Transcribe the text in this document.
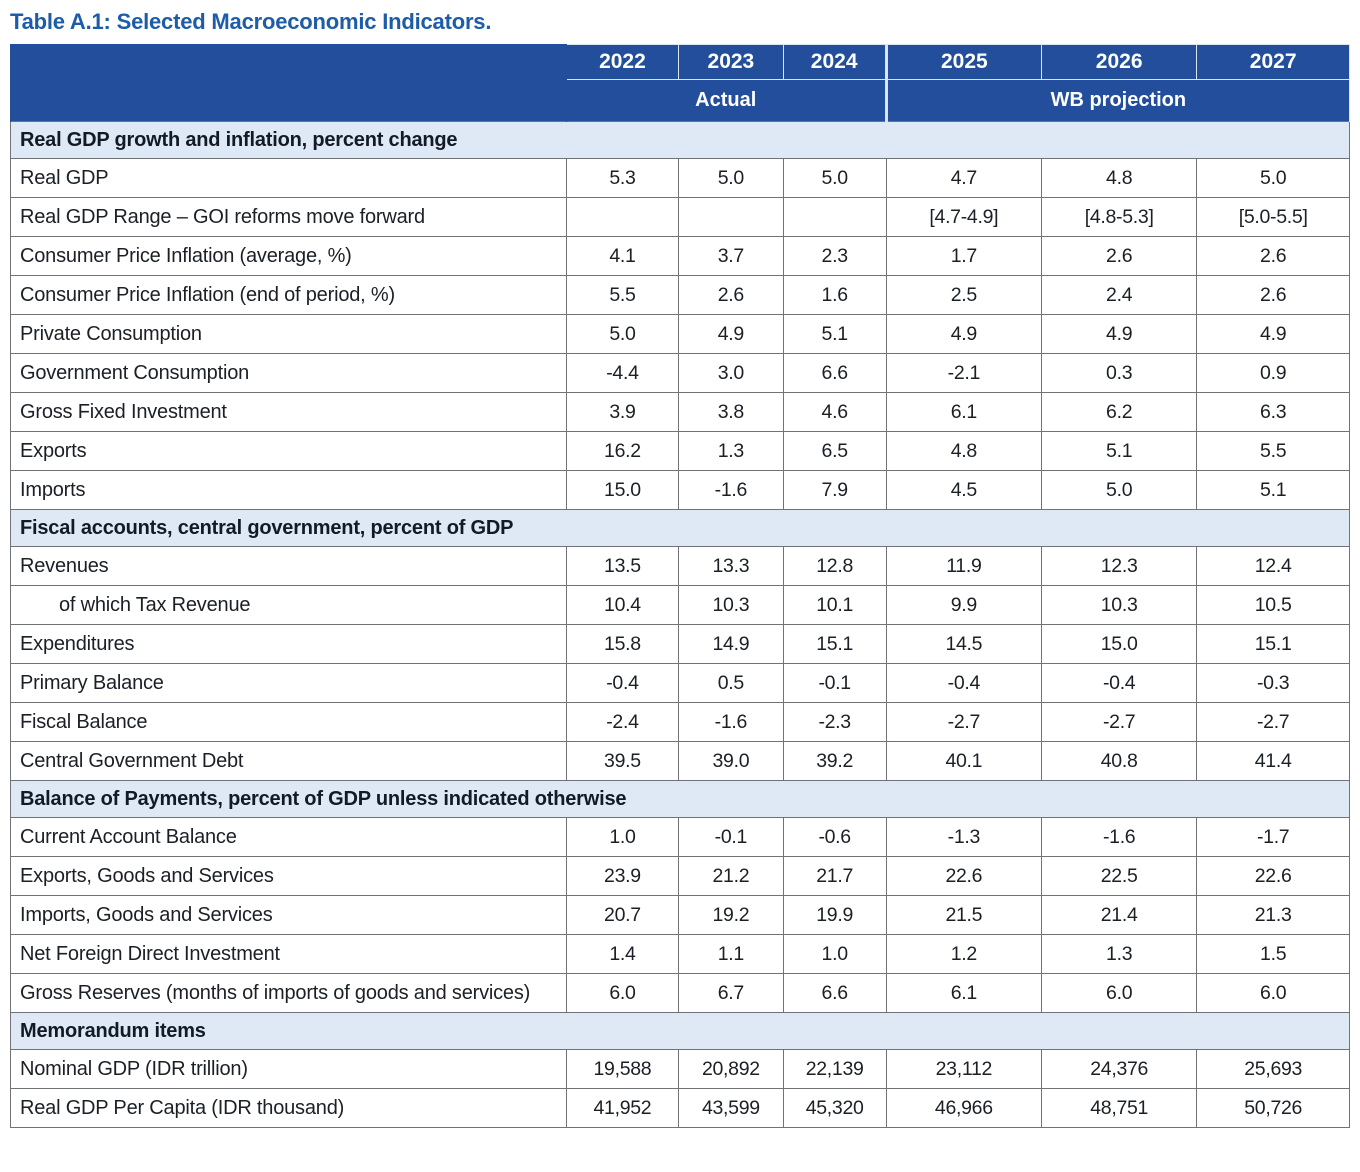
Table A.1: Selected Macroeconomic Indicators.
	2022	2023	2024	2025	2026	2027
	Actual			WB projection		
Real GDP growth and inflation, percent change						
Real GDP	5.3	5.0	5.0	4.7	4.8	5.0
Real GDP Range – GOI reforms move forward				[4.7-4.9]	[4.8-5.3]	[5.0-5.5]
Consumer Price Inflation (average, %)	4.1	3.7	2.3	1.7	2.6	2.6
Consumer Price Inflation (end of period, %)	5.5	2.6	1.6	2.5	2.4	2.6
Private Consumption	5.0	4.9	5.1	4.9	4.9	4.9
Government Consumption	-4.4	3.0	6.6	-2.1	0.3	0.9
Gross Fixed Investment	3.9	3.8	4.6	6.1	6.2	6.3
Exports	16.2	1.3	6.5	4.8	5.1	5.5
Imports	15.0	-1.6	7.9	4.5	5.0	5.1
Fiscal accounts, central government, percent of GDP						
Revenues	13.5	13.3	12.8	11.9	12.3	12.4
of which Tax Revenue	10.4	10.3	10.1	9.9	10.3	10.5
Expenditures	15.8	14.9	15.1	14.5	15.0	15.1
Primary Balance	-0.4	0.5	-0.1	-0.4	-0.4	-0.3
Fiscal Balance	-2.4	-1.6	-2.3	-2.7	-2.7	-2.7
Central Government Debt	39.5	39.0	39.2	40.1	40.8	41.4
Balance of Payments, percent of GDP unless indicated otherwise						
Current Account Balance	1.0	-0.1	-0.6	-1.3	-1.6	-1.7
Exports, Goods and Services	23.9	21.2	21.7	22.6	22.5	22.6
Imports, Goods and Services	20.7	19.2	19.9	21.5	21.4	21.3
Net Foreign Direct Investment	1.4	1.1	1.0	1.2	1.3	1.5
Gross Reserves (months of imports of goods and services)	6.0	6.7	6.6	6.1	6.0	6.0
Memorandum items						
Nominal GDP (IDR trillion)	19,588	20,892	22,139	23,112	24,376	25,693
Real GDP Per Capita (IDR thousand)	41,952	43,599	45,320	46,966	48,751	50,726
